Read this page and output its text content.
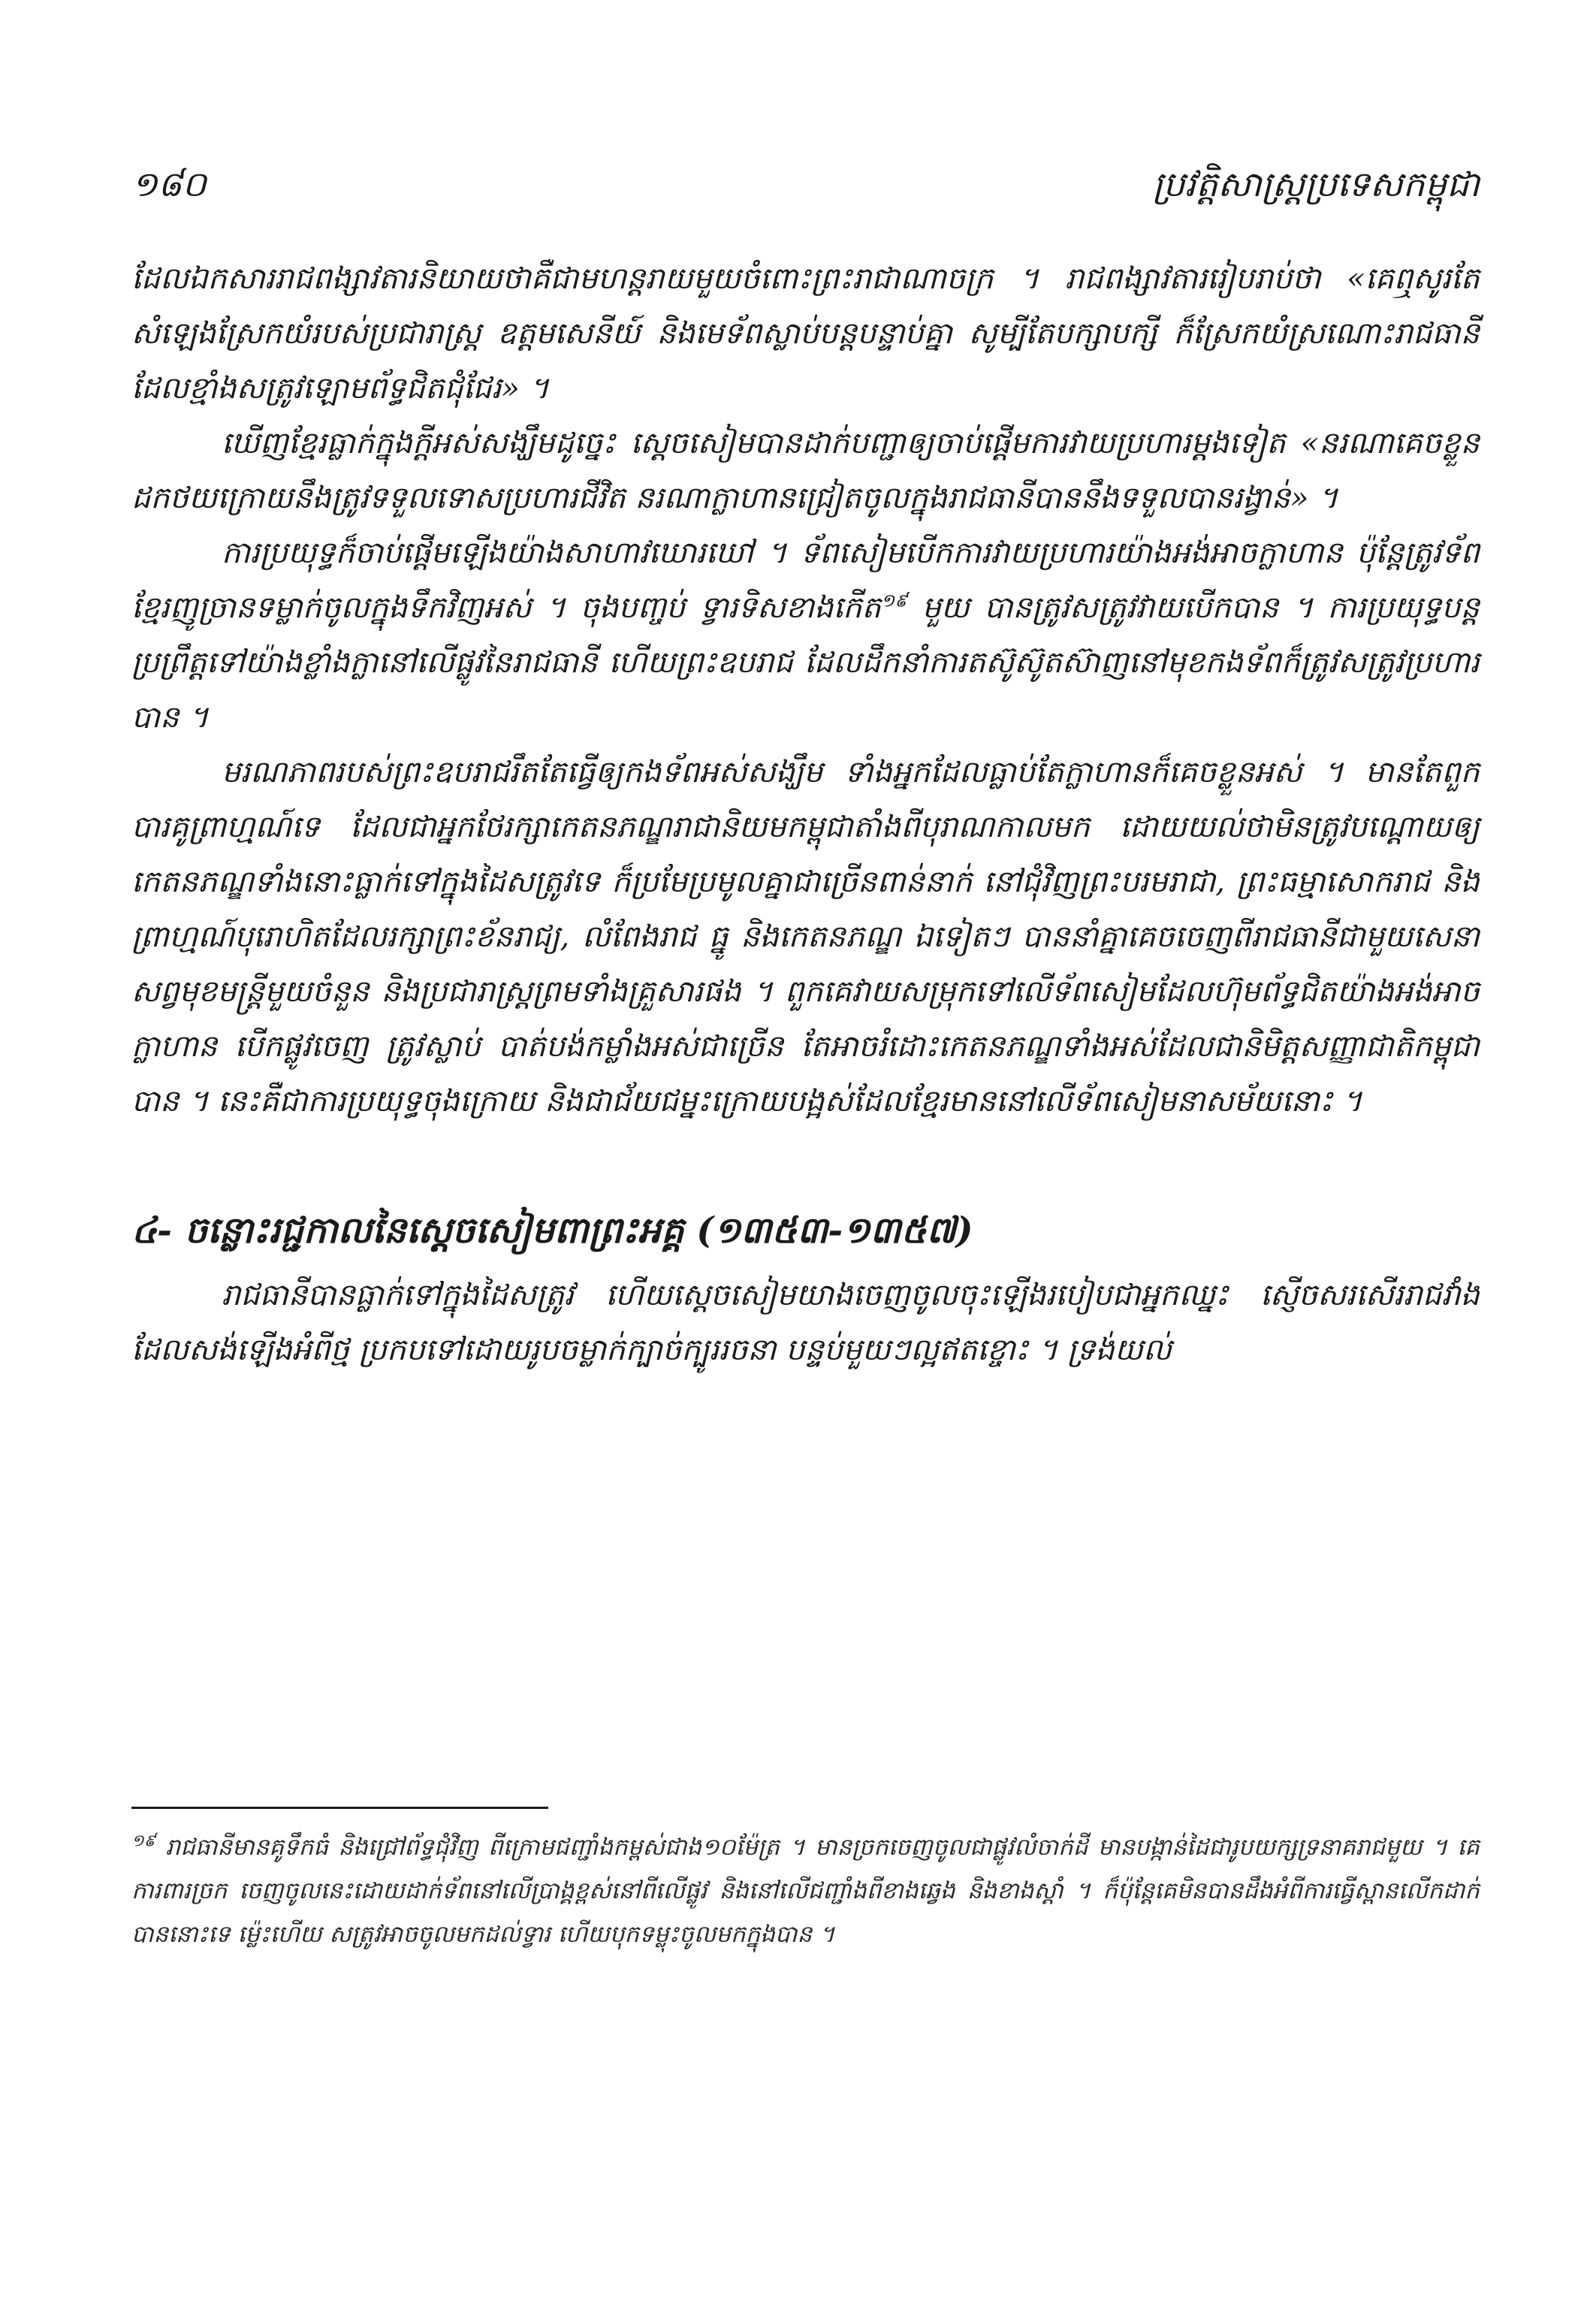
១៨០	ប្រវត្តិសាស្ត្រប្រទេសកម្ពុជា

ដែលឯកសាររាជពង្សាវតារនិយាយថាគឺជាមហន្តរាយមួយចំពោះព្រះរាជាណាចក្រ ។ រាជពង្សាវតាររៀបរាប់ថា «គេឮសូរតែសំឡេងស្រែកយំរបស់ប្រជារាស្ត្រ ឧត្តមសេនីយ៍ និងមេទ័ពស្លាប់បន្តបន្ទាប់គ្នា សូម្បីតែបក្សាបក្សី ក៏ស្រែកយំស្រណោះរាជធានីដែលខ្មាំងសត្រូវឡោមព័ទ្ធជិតជុំជែរ» ។

ឃើញខ្មែរធ្លាក់ក្នុងក្ដីអស់សង្ឃឹមដូច្នេះ ស្ដេចសៀមបានដាក់បញ្ជាឲ្យចាប់ផ្ដើមការវាយប្រហារម្ដងទៀត «នរណាគេចខ្លួនដកថយក្រោយនឹងត្រូវទទួលទោសប្រហារជីវិត នរណាក្លាហានជ្រៀតចូលក្នុងរាជធានីបាននឹងទទួលបានរង្វាន់» ។

ការប្រយុទ្ធក៏ចាប់ផ្ដើមឡើងយ៉ាងសាហាវឃោរឃៅ ។ ទ័ពសៀមបើកការវាយប្រហារយ៉ាងអង់អាចក្លាហាន ប៉ុន្តែត្រូវទ័ពខ្មែរញូច្រានទម្លាក់ចូលក្នុងទឹកវិញអស់ ។ ចុងបញ្ចប់ ទ្វារទិសខាងកើត$^{១៩}$ មួយ បានត្រូវសត្រូវវាយបើកបាន ។ ការប្រយុទ្ធបន្តប្រព្រឹត្តទៅយ៉ាងខ្លាំងក្លានៅលើផ្លូវនៃរាជធានី ហើយព្រះឧបរាជ ដែលដឹកនាំការតស៊ូស៊ូតស៊ាញនៅមុខកងទ័ពក៏ត្រូវសត្រូវប្រហារបាន ។

មរណភាពរបស់ព្រះឧបរាជរឹតតែធ្វើឲ្យកងទ័ពអស់សង្ឃឹម ទាំងអ្នកដែលធ្លាប់តែក្លាហានក៏គេចខ្លួនអស់ ។ មានតែពួកបារគូព្រាហ្មណ៍ទេ ដែលជាអ្នកថែរក្សាកេតនភណ្ឌរាជានិយមកម្ពុជាតាំងពីបុរាណកាលមក ដោយយល់ថាមិនត្រូវបណ្ដោយឲ្យកេតនភណ្ឌទាំងនោះធ្លាក់ទៅក្នុងដៃសត្រូវទេ ក៏ប្រមែប្រមូលគ្នាជាច្រើនពាន់នាក់ នៅជុំវិញព្រះបរមរាជា, ព្រះធម្មាសោករាជ និងព្រាហ្មណ៍បុរោហិតដែលរក្សាព្រះខ័នរាជ្យ, លំពែងរាជ ធ្នូ និងកេតនភណ្ឌ ឯទៀតៗ បាននាំគ្នាគេចចេញពីរាជធានីជាមួយសេនាសព្វមុខមន្ត្រីមួយចំនួន និងប្រជារាស្ត្រព្រមទាំងគ្រួសារផង ។ ពួកគេវាយសម្រុកទៅលើទ័ពសៀមដែលហ៊ុមព័ទ្ធជិតយ៉ាងអង់អាចក្លាហាន បើកផ្លូវចេញ ត្រូវស្លាប់ បាត់បង់កម្លាំងអស់ជាច្រើន តែអាចរំដោះកេតនភណ្ឌទាំងអស់ដែលជានិមិត្តសញ្ញាជាតិកម្ពុជាបាន ។ នេះគឺជាការប្រយុទ្ធចុងក្រោយ និងជាជ័យជម្នះក្រោយបង្អស់ដែលខ្មែរមាននៅលើទ័ពសៀមនាសម័យនោះ ។

៤- ចន្លោះរជ្ជកាលនៃស្ដេចសៀមពាព្រះអគ្គ (១៣៥៣-១៣៥៧)

រាជធានីបានធ្លាក់ទៅក្នុងដៃសត្រូវ ហើយស្ដេចសៀមយាងចេញចូលចុះឡើងរបៀបជាអ្នកឈ្នះ ស្ញើចសរសើររាជវាំងដែលសង់ឡើងអំពីថ្ម ប្រកបទៅដោយរូបចម្លាក់ក្បាច់ក្បូររចនា បន្ទប់មួយៗល្អឥតខ្ចោះ ។ ទ្រង់យល់

$^{១៩}$ រាជធានីមានគូទឹកធំ និងជ្រៅព័ទ្ធជុំវិញ ពីក្រោមជញ្ជាំងកម្ពស់ជាង១០ម៉ែត្រ ។ មានច្រកចេញចូលជាផ្លូវលំចាក់ដី មានបង្កាន់ដៃជារូបយក្សទ្រនាគរាជមួយ ។ គេការពារច្រក ចេញចូលនេះដោយដាក់ទ័ពនៅលើប្រាង្គខ្ពស់នៅពីលើផ្លូវ និងនៅលើជញ្ជាំងពីខាងឆ្វេង និងខាងស្ដាំ ។ ក៏ប៉ុន្តែគេមិនបានដឹងអំពីការធ្វើស្ពានលើកដាក់បាននោះទេ ម៉្លេះហើយ សត្រូវអាចចូលមកដល់ទ្វារ ហើយបុកទម្លុះចូលមកក្នុងបាន ។
